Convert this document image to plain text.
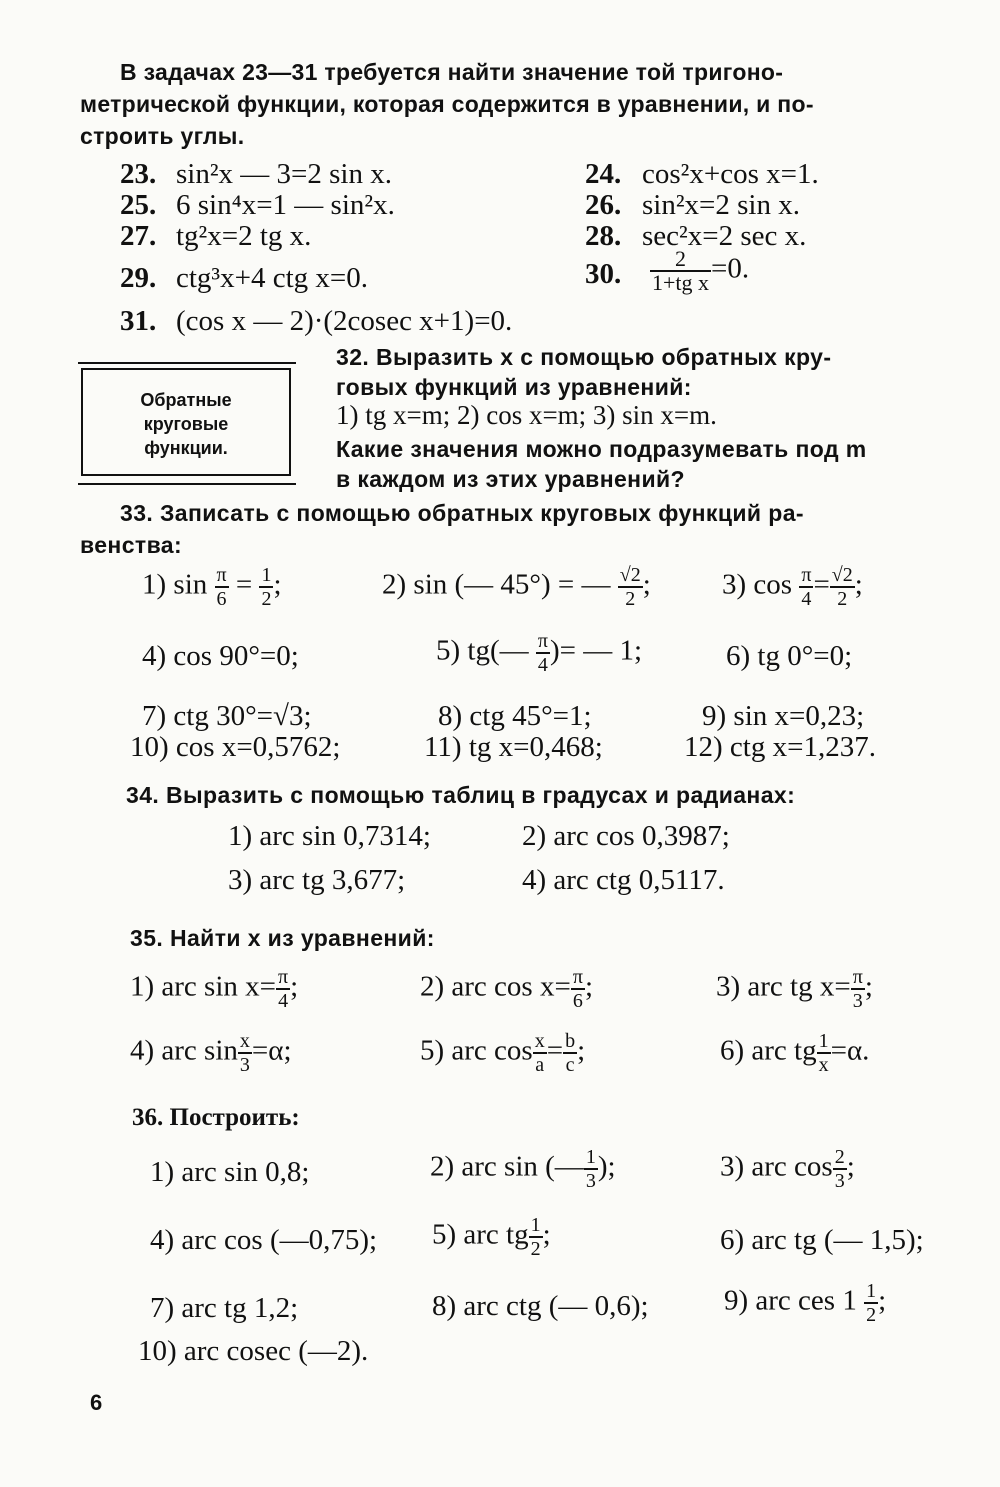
В задачах 23—31 требуется найти значение той тригоно-
метрической функции, которая содержится в уравнении, и по-
строить углы.
23. sin²x — 3=2 sin x.	24. cos²x+cos x=1.
25. 6 sin⁴x=1 — sin²x.	26. sin²x=2 sin x.
27. tg²x=2 tg x.	28. sec²x=2 sec x.
29. ctg³x+4 ctg x=0.	30. $\frac{2}{\text{1+tg x}} =0$.
31. (cos x — 2)·(2cosec x+1)=0.
Обратные
круговые
функции.
32. Выразить x с помощью обратных кру-
говых функций из уравнений:
1) tg x=m; 2) cos x=m; 3) sin x=m.
Какие значения можно подразумевать под m
в каждом из этих уравнений?
33. Записать с помощью обратных круговых функций ра-
венства:
1) $\sin \frac{\pi}{6} = \frac{1}{2}$ ;	2) sin (— 45°) = — $\frac{√2}{2}$ ; 3) $\cos \frac{\pi}{4} = \frac{√2}{2}$ ;
4) cos 90°=0;	5) tg(— $\frac{\pi}{4}$ )= — 1;	6) tg 0°=0;
7) ctg 30°=√3;	8) ctg 45°=1;	9) sin x=0,23;
10) cos x=0,5762;	11) tg x=0,468;	12) ctg x=1,237.
34. Выразить с помощью таблиц в градусах и радианах:
1) arc sin 0,7314;	2) arc cos 0,3987;
3) arc tg 3,677;	4) arc ctg 0,5117.
35. Найти x из уравнений:
1) arc $\sin x= \frac{\pi}{4}$ ;	2) arc $\cos x= \frac{\pi}{6}$ ;	3) arc tg $x= \frac{\pi}{3}$ ;
4) arc $\sin \frac{x}{3} =\alpha$;	5) arc $\cos \frac{x}{a} = \frac{b}{c}$ ;	6) arc tg $\frac{1}{x} =\alpha$.
36. Построить:
1) arc sin 0,8;	2) arc sin (— $\frac{1}{3}$ );	3) arc $\cos \frac{2}{3}$ ;
4) arc cos (—0,75); 5) arc tg $\frac{1}{2}$ ;	6) arc tg (— 1,5);
7) arc tg 1,2;	8) arc ctg (— 0,6);	9) arc ces $1 \frac{1}{2}$ ;
10) arc cosec (—2).
6
